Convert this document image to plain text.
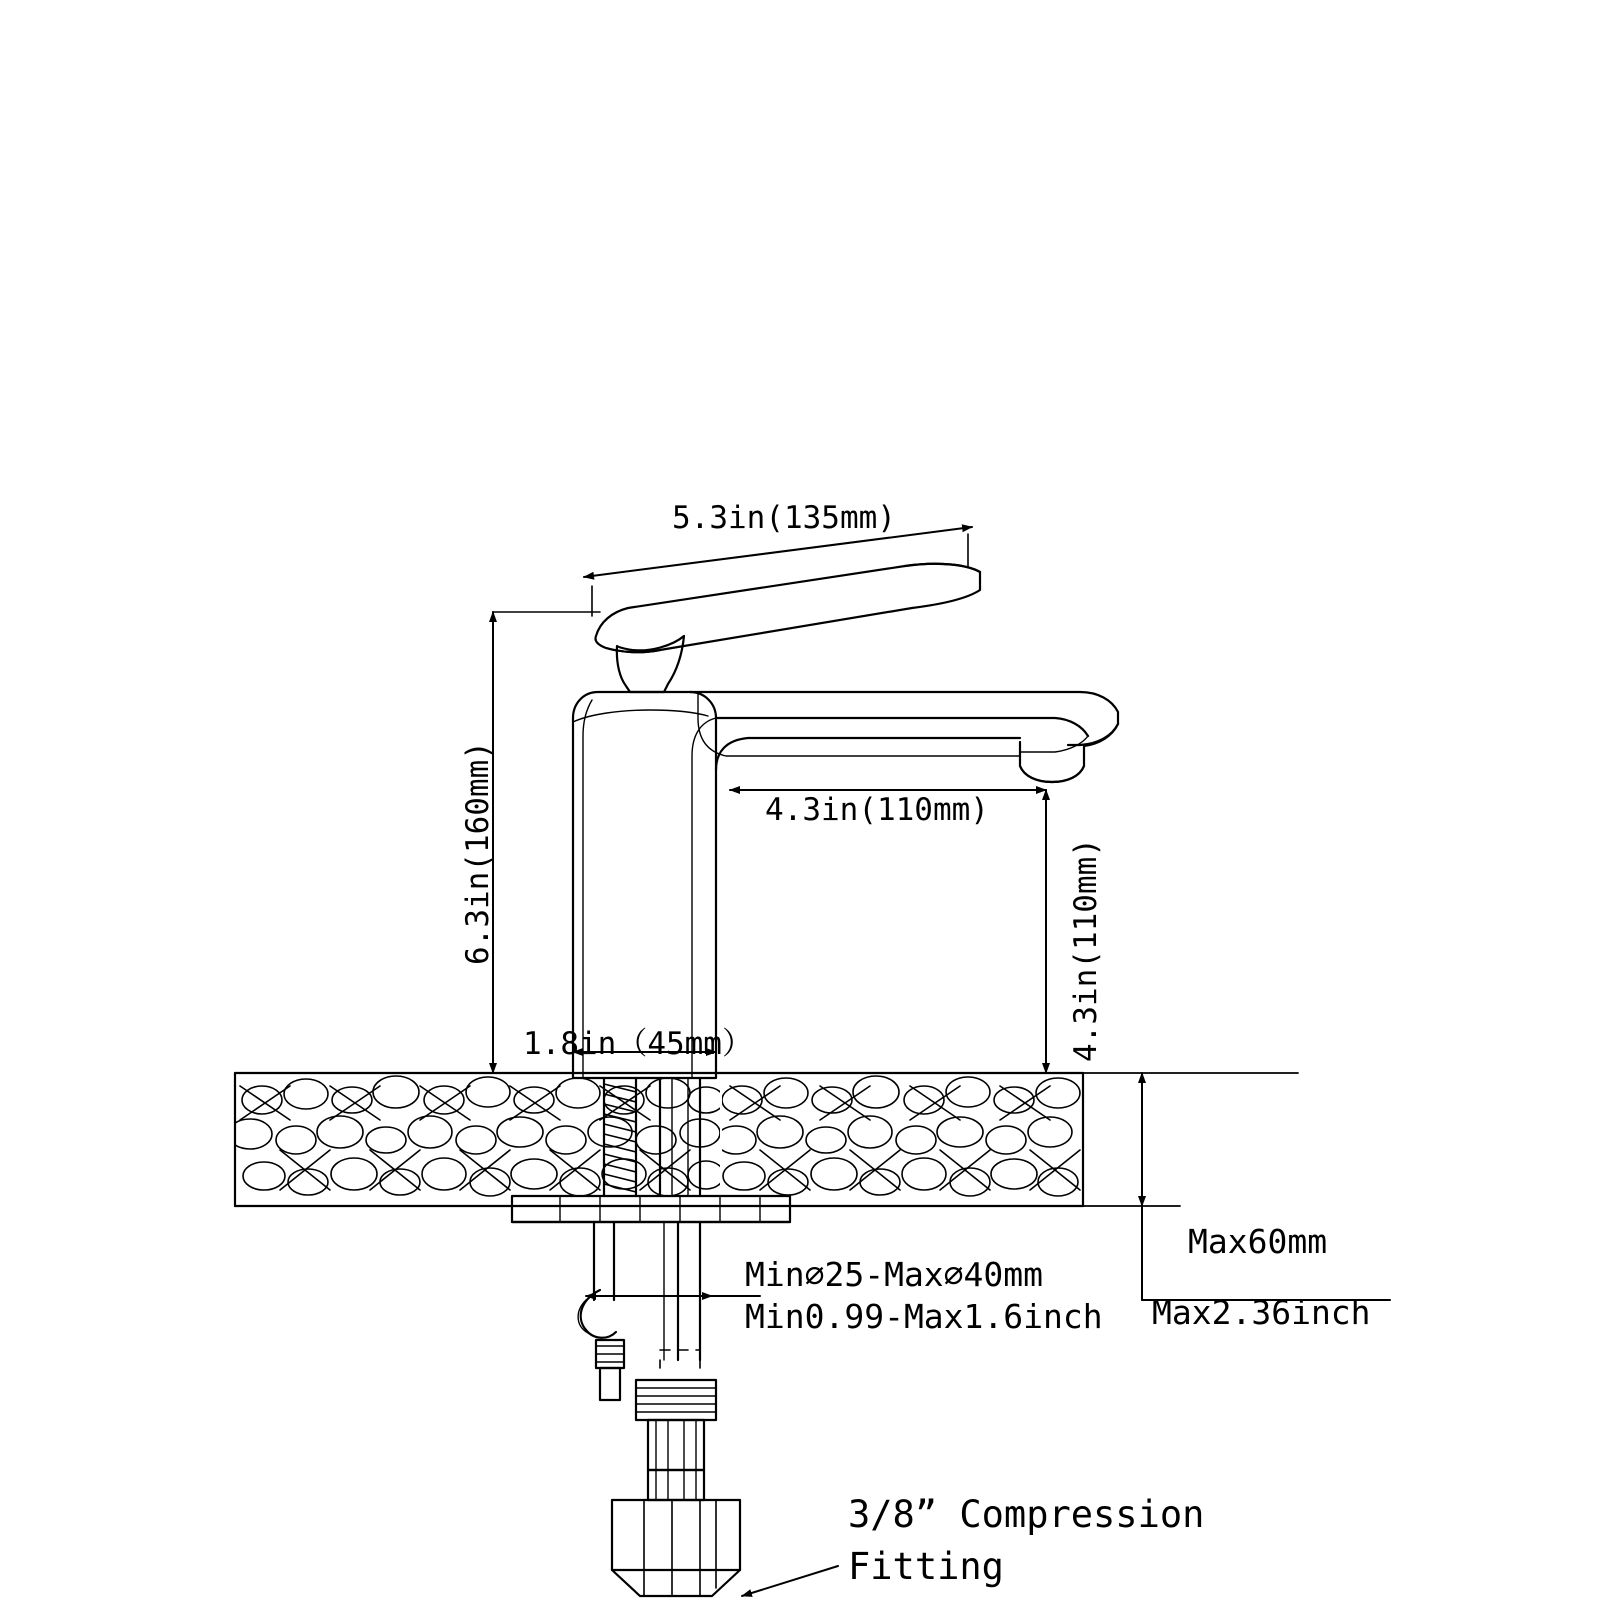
5.3in(135mm)
6.3in(160mm)	4.3in(110mm)
4.3in(110mm)
1.8in（45mm）
Min⌀25-Max⌀40mm
Min0.99-Max1.6inch
Max60mm
Max2.36inch
3/8” Compression
Fitting
